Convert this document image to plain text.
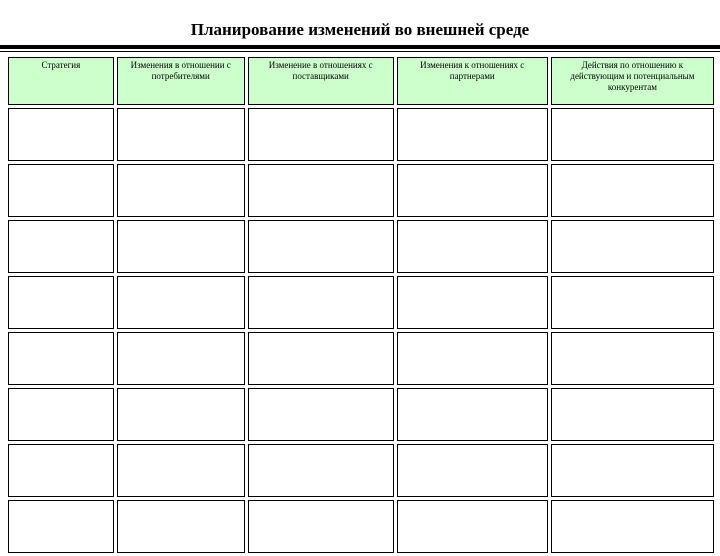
Планирование изменений во внешней среде
Стратегия	Изменения в отношении с потребителями	Изменение в отношениях с поставщиками	Изменения к отношениях с партнерами	Действия по отношению к действующим и потенциальным конкурентам
